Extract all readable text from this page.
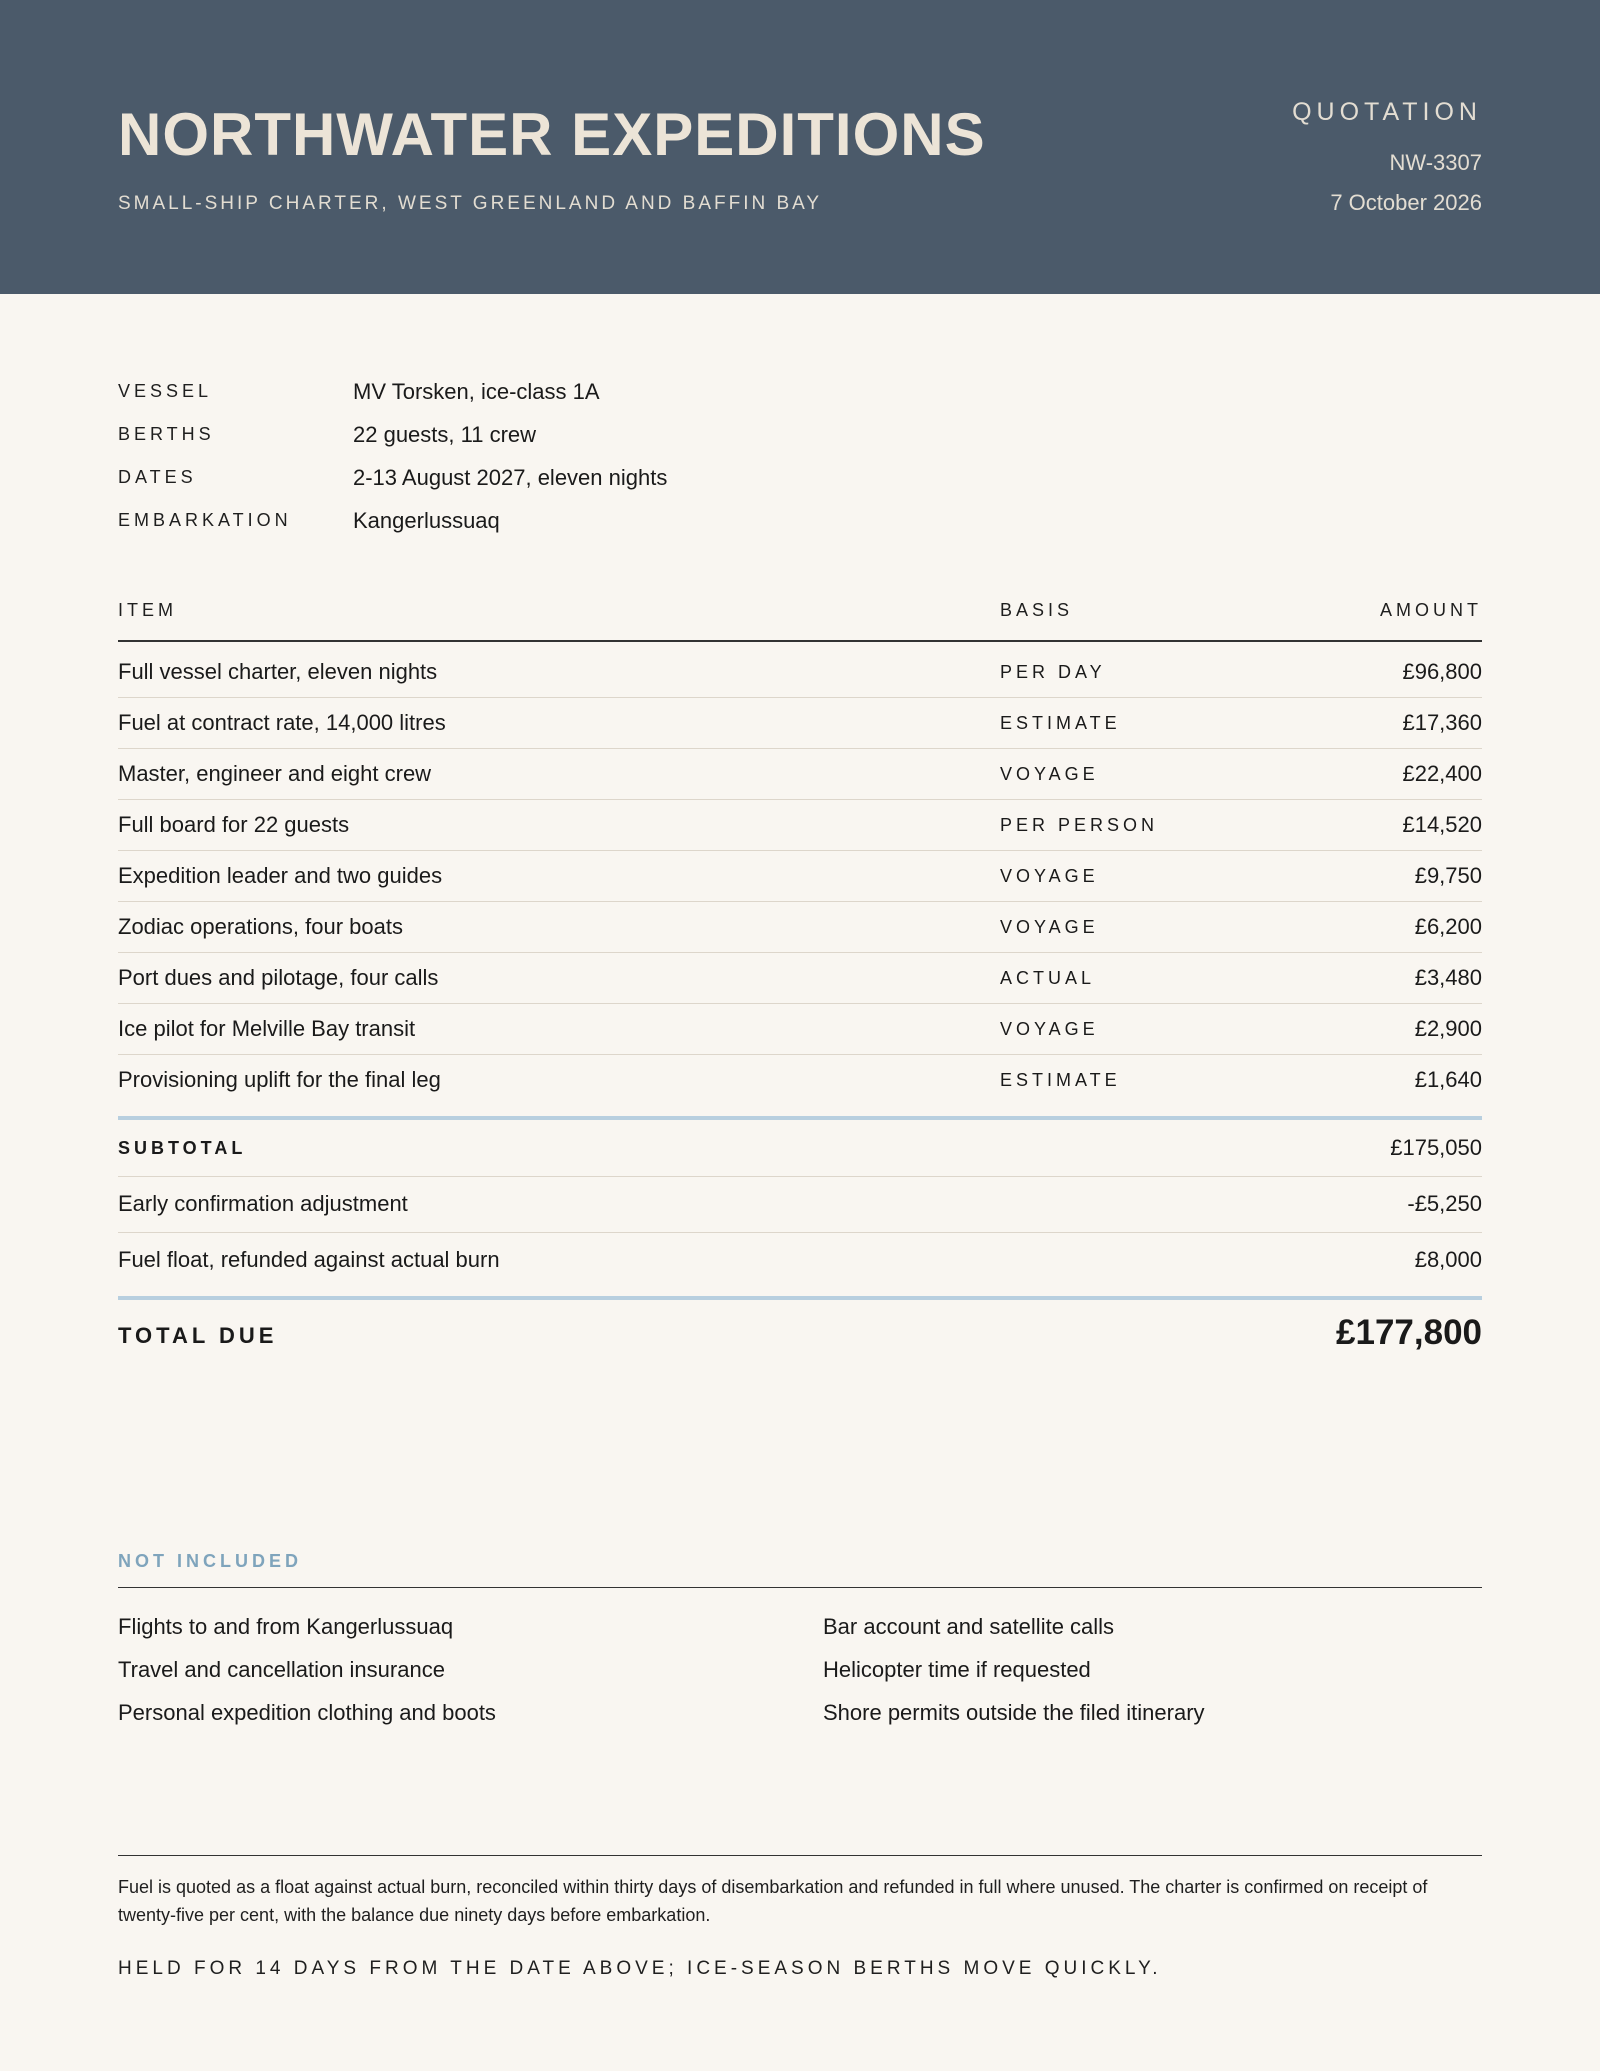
NORTHWATER EXPEDITIONS
SMALL-SHIP CHARTER, WEST GREENLAND AND BAFFIN BAY
QUOTATION
NW-3307
7 October 2026
VESSEL	MV Torsken, ice-class 1A
BERTHS	22 guests, 11 crew
DATES	2-13 August 2027, eleven nights
EMBARKATION	Kangerlussuaq
ITEM	BASIS	AMOUNT
Full vessel charter, eleven nights	PER DAY	£96,800
Fuel at contract rate, 14,000 litres	ESTIMATE	£17,360
Master, engineer and eight crew	VOYAGE	£22,400
Full board for 22 guests	PER PERSON	£14,520
Expedition leader and two guides	VOYAGE	£9,750
Zodiac operations, four boats	VOYAGE	£6,200
Port dues and pilotage, four calls	ACTUAL	£3,480
Ice pilot for Melville Bay transit	VOYAGE	£2,900
Provisioning uplift for the final leg	ESTIMATE	£1,640
SUBTOTAL	£175,050
Early confirmation adjustment	-£5,250
Fuel float, refunded against actual burn	£8,000
TOTAL DUE	£177,800
NOT INCLUDED
Flights to and from Kangerlussuaq
Travel and cancellation insurance
Personal expedition clothing and boots
Bar account and satellite calls
Helicopter time if requested
Shore permits outside the filed itinerary
Fuel is quoted as a float against actual burn, reconciled within thirty days of disembarkation and refunded in full where unused. The charter is confirmed on receipt of twenty-five per cent, with the balance due ninety days before embarkation.
HELD FOR 14 DAYS FROM THE DATE ABOVE; ICE-SEASON BERTHS MOVE QUICKLY.
